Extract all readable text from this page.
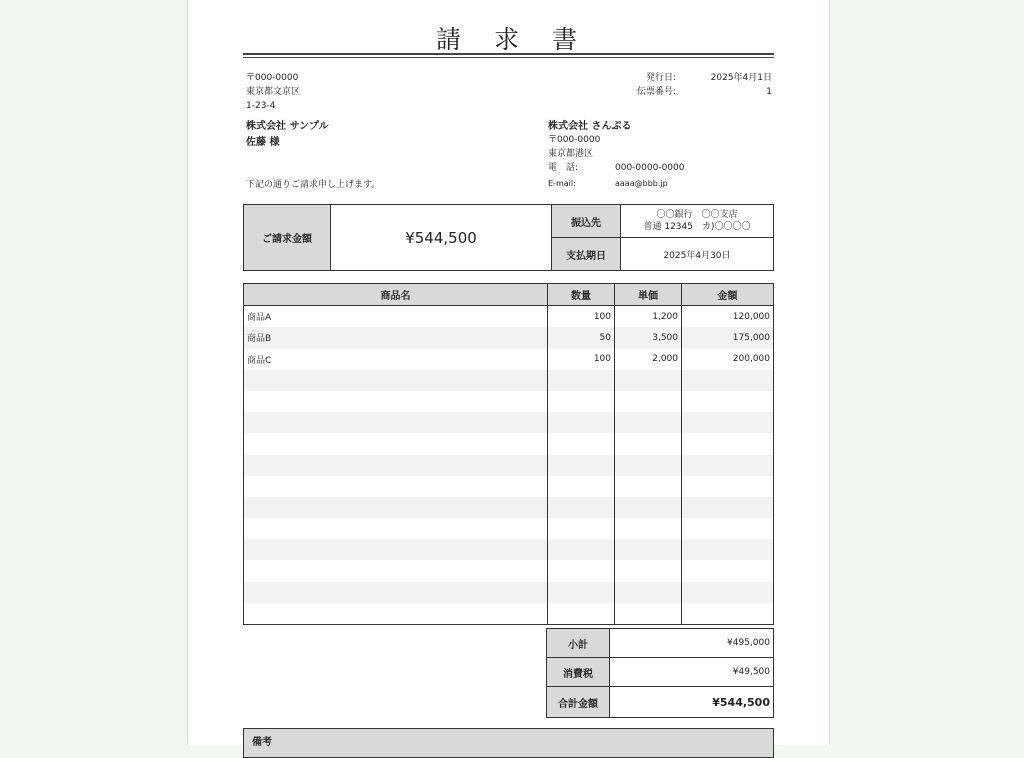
請　求　書
〒000-0000
東京都文京区
1-23-4
株式会社 サンプル
佐藤 様
発行日:	2025年4月1日
伝票番号:	1
株式会社 さんぷる
〒000-0000
東京都港区
電　話:	000-0000-0000
E-mail:	aaaa@bbb.jp
下記の通りご請求申し上げます。
ご請求金額	¥544,500	振込先	〇〇銀行　〇〇支店
普通 12345　カ)〇〇〇〇

		支払期日	2025年4月30日
商品名	数量	単価	金額
商品A	100	1,200	120,000
商品B	50	3,500	175,000
商品C	100	2,000	200,000

小計	¥495,000
消費税	¥49,500
合計金額	¥544,500
備考
